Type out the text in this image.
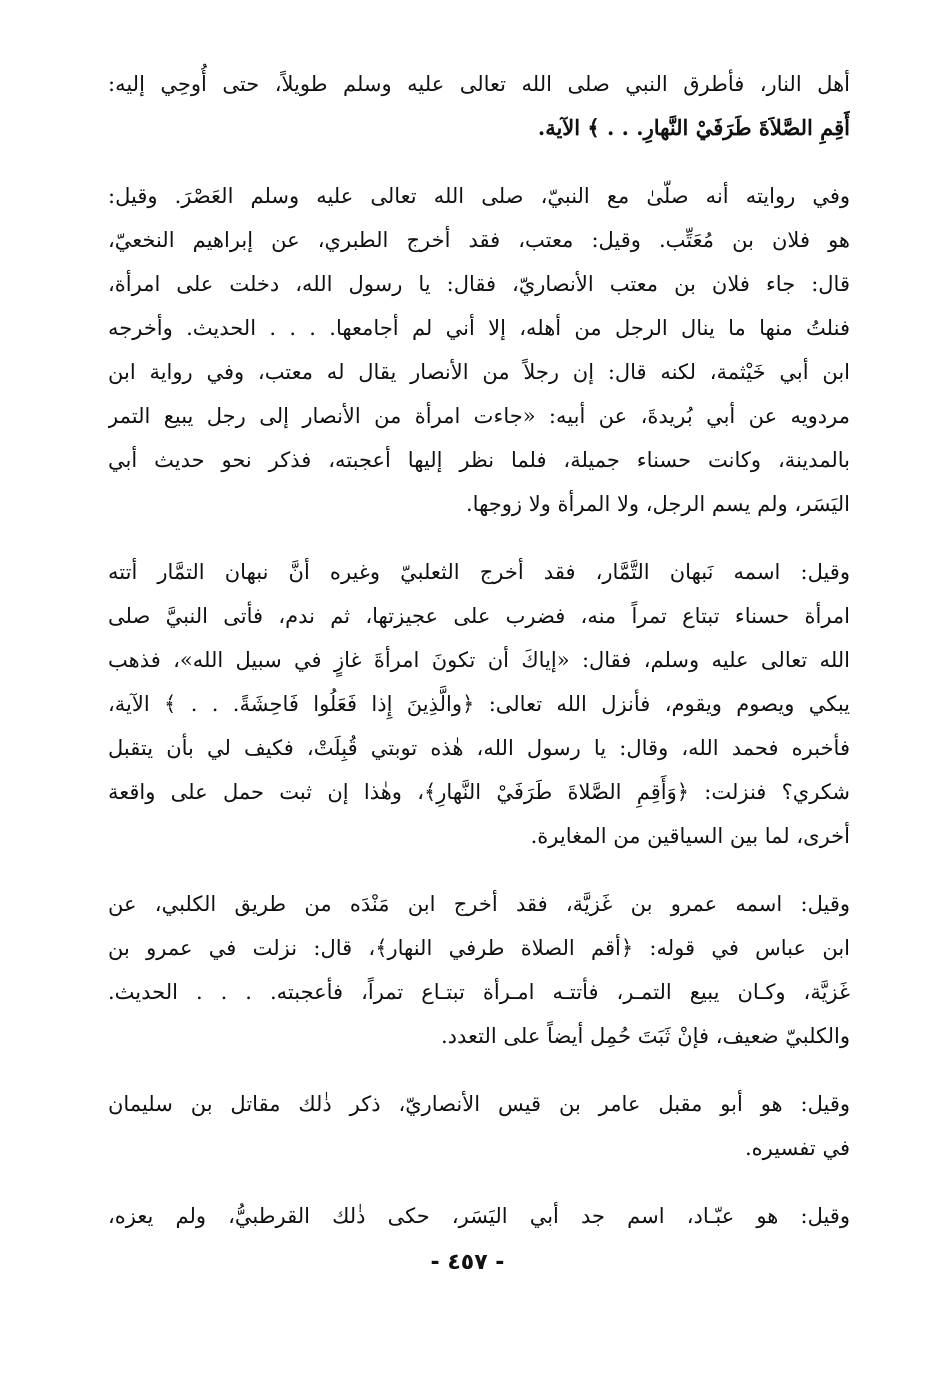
أهل النار، فأطرق النبي صلى الله تعالى عليه وسلم طويلاً، حتى أُوحِي إليه:
أَقِمِ الصَّلاَةَ طَرَفَيْ النَّهارِ. . . ﴾ الآية.
وفي روايته أنه صلّىٰ مع النبيّ، صلى الله تعالى عليه وسلم العَصْرَ. وقيل:
هو فلان بن مُعَتِّب. وقيل: معتب، فقد أخرج الطبري، عن إبراهيم النخعيّ،
قال: جاء فلان بن معتب الأنصاريّ، فقال: يا رسول الله، دخلت على امرأة،
فنلتُ منها ما ينال الرجل من أهله، إلا أني لم أجامعها. . . . الحديث. وأخرجه
ابن أبي خَيْثمة، لكنه قال: إن رجلاً من الأنصار يقال له معتب، وفي رواية ابن
مردويه عن أبي بُريدةَ، عن أبيه: «جاءت امرأة من الأنصار إلى رجل يبيع التمر
بالمدينة، وكانت حسناء جميلة، فلما نظر إليها أعجبته، فذكر نحو حديث أبي
اليَسَر، ولم يسم الرجل، ولا المرأة ولا زوجها.
وقيل: اسمه نَبهان التَّمَّار، فقد أخرج الثعلبيّ وغيره أنَّ نبهان التمَّار أتته
امرأة حسناء تبتاع تمراً منه، فضرب على عجيزتها، ثم ندم، فأتى النبيَّ صلى
الله تعالى عليه وسلم، فقال: «إياكَ أن تكونَ امرأةَ غازٍ في سبيل الله»، فذهب
يبكي ويصوم ويقوم، فأنزل الله تعالى: ﴿والَّذِينَ إِذا فَعَلُوا فَاحِشَةً. . . ﴾ الآية،
فأخبره فحمد الله، وقال: يا رسول الله، هٰذه توبتي قُبِلَتْ، فكيف لي بأن يتقبل
شكري؟ فنزلت: ﴿وَأَقِمِ الصَّلاةَ طَرَفَيْ النَّهارِ﴾، وهٰذا إن ثبت حمل على واقعة
أخرى، لما بين السياقين من المغايرة.
وقيل: اسمه عمرو بن غَزيَّة، فقد أخرج ابن مَنْدَه من طريق الكلبي، عن
ابن عباس في قوله: ﴿أقم الصلاة طرفي النهار﴾، قال: نزلت في عمرو بن
غَزيَّة، وكـان يبيع التمـر، فأتتـه امـرأة تبتـاع تمراً، فأعجبته. . . . الحديث.
والكلبيّ ضعيف، فإنْ ثَبَتَ حُمِل أيضاً على التعدد.
وقيل: هو أبو مقبل عامر بن قيس الأنصاريّ، ذكر ذٰلك مقاتل بن سليمان
في تفسيره.
وقيل: هو عبّـاد، اسم جد أبي اليَسَر، حكى ذٰلك القرطبيُّ، ولم يعزه،
- ٤٥٧ -
